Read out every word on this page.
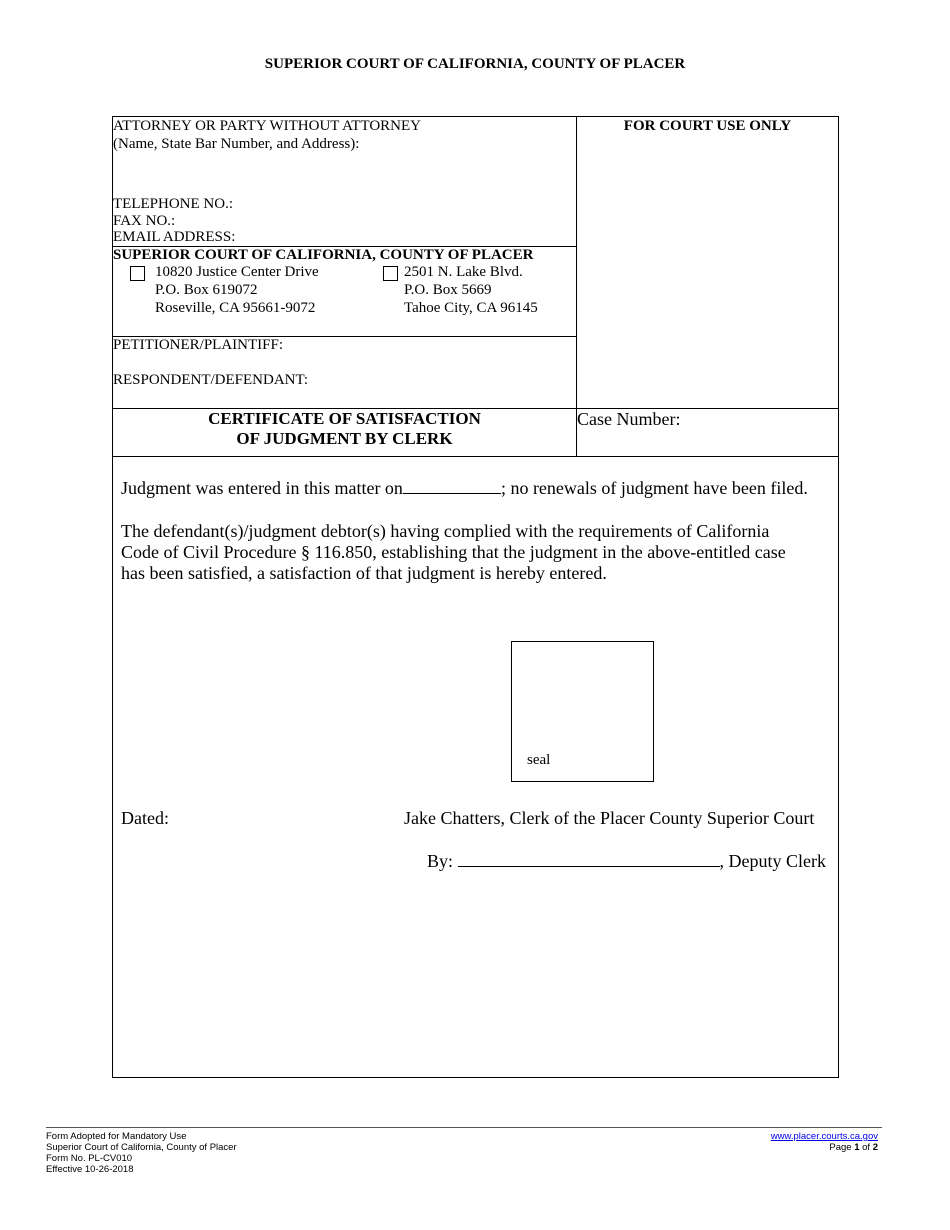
SUPERIOR COURT OF CALIFORNIA, COUNTY OF PLACER
ATTORNEY OR PARTY WITHOUT ATTORNEY
(Name, State Bar Number, and Address):
TELEPHONE NO.:
FAX NO.:
EMAIL ADDRESS:
FOR COURT USE ONLY
SUPERIOR COURT OF CALIFORNIA, COUNTY OF PLACER
10820 Justice Center Drive
P.O. Box 619072
Roseville, CA 95661-9072
2501 N. Lake Blvd.
P.O. Box 5669
Tahoe City, CA 96145
PETITIONER/PLAINTIFF:
RESPONDENT/DEFENDANT:
CERTIFICATE OF SATISFACTION
OF JUDGMENT BY CLERK
Case Number:
Judgment was entered in this matter on	; no renewals of judgment have been filed.
The defendant(s)/judgment debtor(s) having complied with the requirements of California
Code of Civil Procedure § 116.850, establishing that the judgment in the above-entitled case
has been satisfied, a satisfaction of that judgment is hereby entered.
seal
Dated:	Jake Chatters, Clerk of the Placer County Superior Court
By:	, Deputy Clerk
Form Adopted for Mandatory Use
Superior Court of California, County of Placer
Form No. PL-CV010
Effective 10-26-2018
www.placer.courts.ca.gov
Page 1 of 2
